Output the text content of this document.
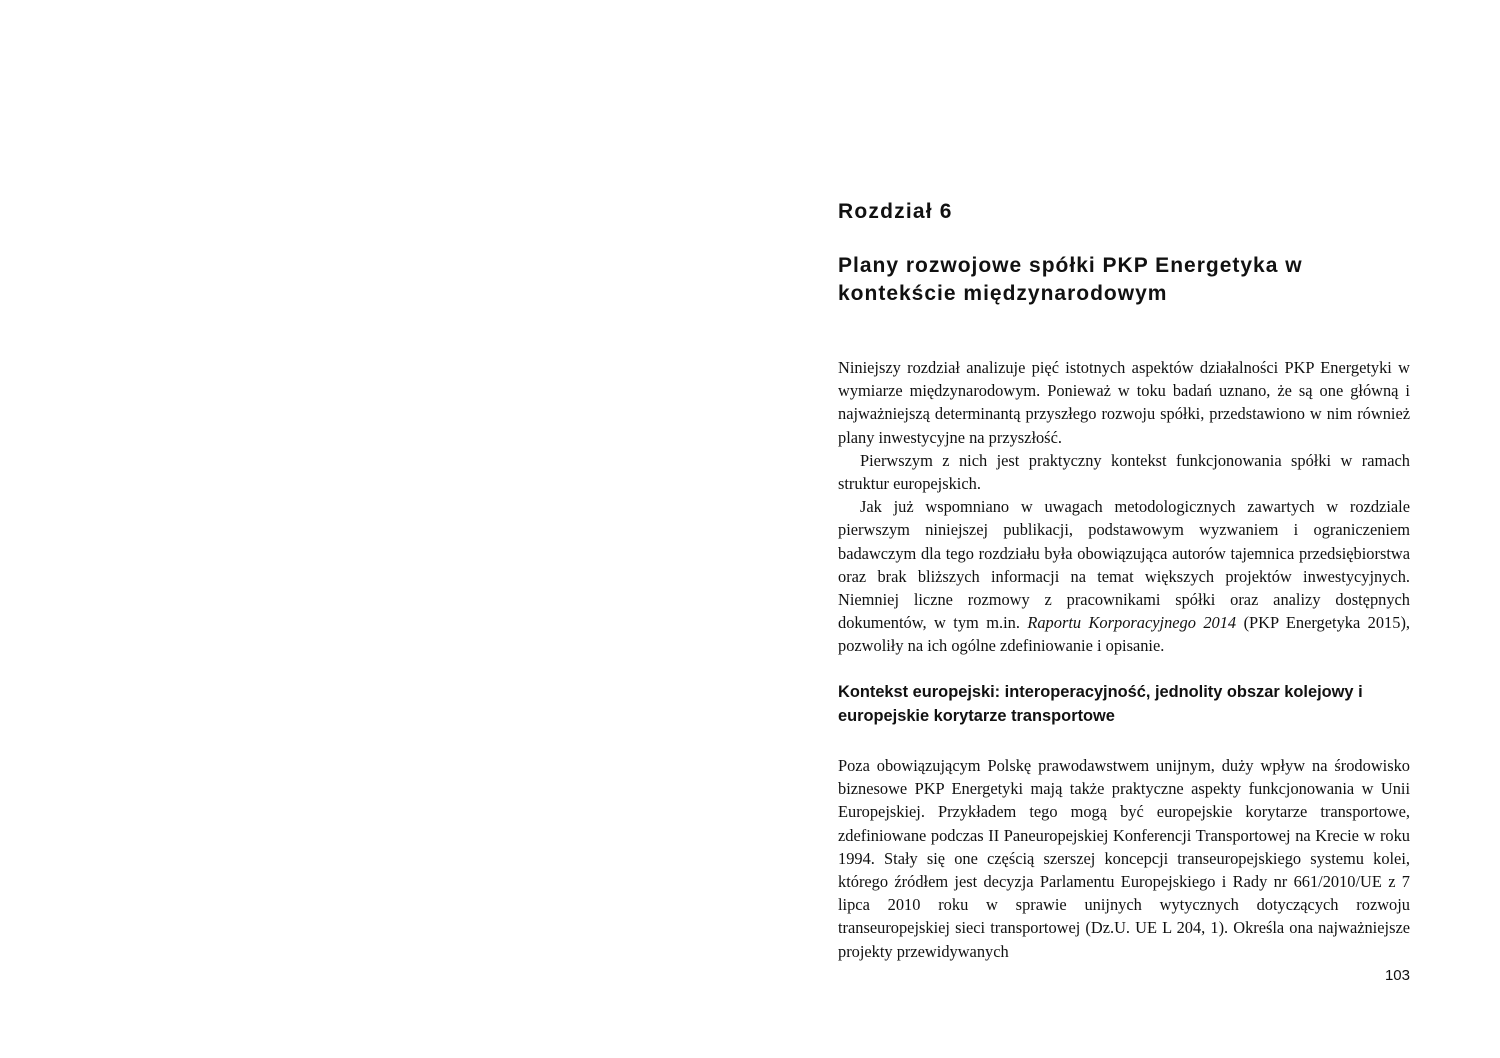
Rozdział 6
Plany rozwojowe spółki PKP Energetyka w kontekście międzynarodowym

Niniejszy rozdział analizuje pięć istotnych aspektów działalności PKP Energetyki w wymiarze międzynarodowym. Ponieważ w toku badań uznano, że są one główną i najważniejszą determinantą przyszłego rozwoju spółki, przedstawiono w nim również plany inwestycyjne na przyszłość.

Pierwszym z nich jest praktyczny kontekst funkcjonowania spółki w ramach struktur europejskich.

Jak już wspomniano w uwagach metodologicznych zawartych w rozdziale pierwszym niniejszej publikacji, podstawowym wyzwaniem i ograniczeniem badawczym dla tego rozdziału była obowiązująca autorów tajemnica przedsiębiorstwa oraz brak bliższych informacji na temat większych projektów inwestycyjnych. Niemniej liczne rozmowy z pracownikami spółki oraz analizy dostępnych dokumentów, w tym m.in. Raportu Korporacyjnego 2014 (PKP Energetyka 2015), pozwoliły na ich ogólne zdefiniowanie i opisanie.

Kontekst europejski: interoperacyjność, jednolity obszar kolejowy i europejskie korytarze transportowe

Poza obowiązującym Polskę prawodawstwem unijnym, duży wpływ na środowisko biznesowe PKP Energetyki mają także praktyczne aspekty funkcjonowania w Unii Europejskiej. Przykładem tego mogą być europejskie korytarze transportowe, zdefiniowane podczas II Paneuropejskiej Konferencji Transportowej na Krecie w roku 1994. Stały się one częścią szerszej koncepcji transeuropejskiego systemu kolei, którego źródłem jest decyzja Parlamentu Europejskiego i Rady nr 661/2010/UE z 7 lipca 2010 roku w sprawie unijnych wytycznych dotyczących rozwoju transeuropejskiej sieci transportowej (Dz.U. UE L 204, 1). Określa ona najważniejsze projekty przewidywanych

103
